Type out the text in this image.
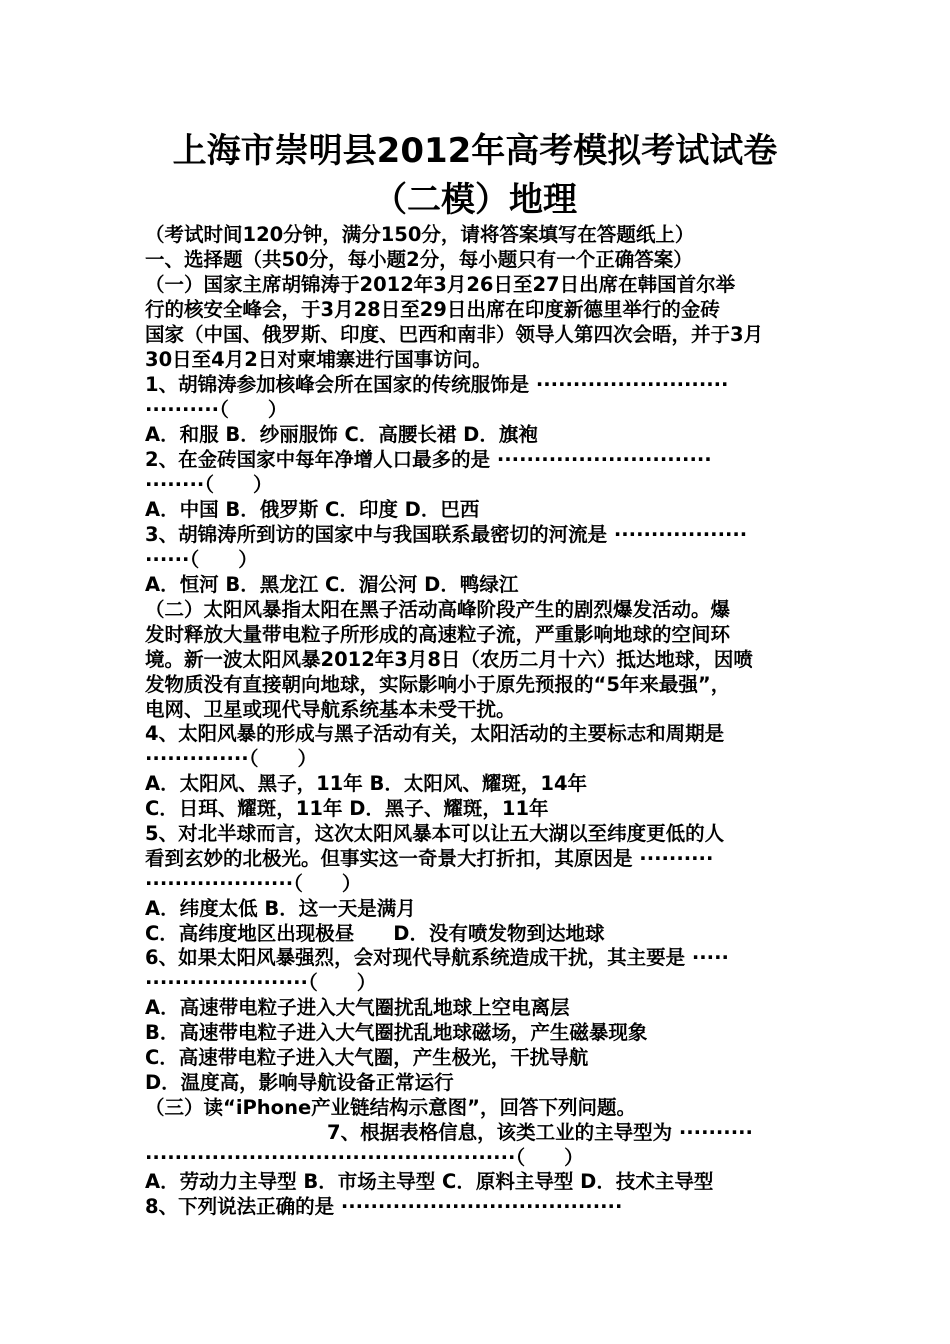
上海市崇明县2012年高考模拟考试试卷
（二模）地理
（考试时间120分钟，满分150分，请将答案填写在答题纸上）
一、选择题（共50分，每小题2分，每小题只有一个正确答案）
（一）国家主席胡锦涛于2012年3月26日至27日出席在韩国首尔举
行的核安全峰会，于3月28日至29日出席在印度新德里举行的金砖
国家（中国、俄罗斯、印度、巴西和南非）领导人第四次会晤，并于3月
30日至4月2日对柬埔寨进行国事访问。
1、胡锦涛参加核峰会所在国家的传统服饰是 ··························
··········（　　）
A．和服 B．纱丽服饰 C．高腰长裙 D．旗袍
2、在金砖国家中每年净增人口最多的是 ·····························
········（　　）
A．中国 B．俄罗斯 C．印度 D．巴西
3、胡锦涛所到访的国家中与我国联系最密切的河流是 ··················
······（　　）
A．恒河 B．黑龙江 C．湄公河 D．鸭绿江
（二）太阳风暴指太阳在黑子活动高峰阶段产生的剧烈爆发活动。爆
发时释放大量带电粒子所形成的高速粒子流，严重影响地球的空间环
境。新一波太阳风暴2012年3月8日（农历二月十六）抵达地球，因喷
发物质没有直接朝向地球，实际影响小于原先预报的“5年来最强”，
电网、卫星或现代导航系统基本未受干扰。
4、太阳风暴的形成与黑子活动有关，太阳活动的主要标志和周期是
··············（　　）
A．太阳风、黑子，11年 B．太阳风、耀斑，14年
C．日珥、耀斑，11年 D．黑子、耀斑，11年
5、对北半球而言，这次太阳风暴本可以让五大湖以至纬度更低的人
看到玄妙的北极光。但事实这一奇景大打折扣，其原因是 ··········
····················（　　）
A．纬度太低 B．这一天是满月
C．高纬度地区出现极昼　　D．没有喷发物到达地球
6、如果太阳风暴强烈，会对现代导航系统造成干扰，其主要是 ·····
······················（　　）
A．高速带电粒子进入大气圈扰乱地球上空电离层
B．高速带电粒子进入大气圈扰乱地球磁场，产生磁暴现象
C．高速带电粒子进入大气圈，产生极光，干扰导航
D．温度高，影响导航设备正常运行
（三）读“iPhone产业链结构示意图”，回答下列问题。
7、根据表格信息，该类工业的主导型为 ··········
··················································（　　）
A．劳动力主导型 B．市场主导型 C．原料主导型 D．技术主导型
8、下列说法正确的是 ······································
